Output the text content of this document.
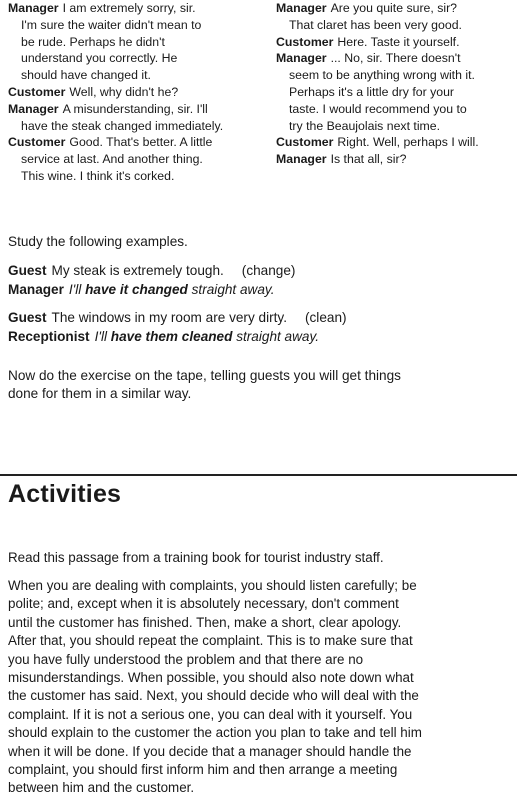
Manager I am extremely sorry, sir.
I'm sure the waiter didn't mean to
be rude. Perhaps he didn't
understand you correctly. He
should have changed it.
Customer Well, why didn't he?
Manager A misunderstanding, sir. I'll
have the steak changed immediately.
Customer Good. That's better. A little
service at last. And another thing.
This wine. I think it's corked.
Manager Are you quite sure, sir?
That claret has been very good.
Customer Here. Taste it yourself.
Manager ... No, sir. There doesn't
seem to be anything wrong with it.
Perhaps it's a little dry for your
taste. I would recommend you to
try the Beaujolais next time.
Customer Right. Well, perhaps I will.
Manager Is that all, sir?
Study the following examples.
Guest My steak is extremely tough. (change)
Manager I'll have it changed straight away.
Guest The windows in my room are very dirty. (clean)
Receptionist I'll have them cleaned straight away.
Now do the exercise on the tape, telling guests you will get things
done for them in a similar way.
Activities
Read this passage from a training book for tourist industry staff.
When you are dealing with complaints, you should listen carefully; be
polite; and, except when it is absolutely necessary, don't comment
until the customer has finished. Then, make a short, clear apology.
After that, you should repeat the complaint. This is to make sure that
you have fully understood the problem and that there are no
misunderstandings. When possible, you should also note down what
the customer has said. Next, you should decide who will deal with the
complaint. If it is not a serious one, you can deal with it yourself. You
should explain to the customer the action you plan to take and tell him
when it will be done. If you decide that a manager should handle the
complaint, you should first inform him and then arrange a meeting
between him and the customer.
